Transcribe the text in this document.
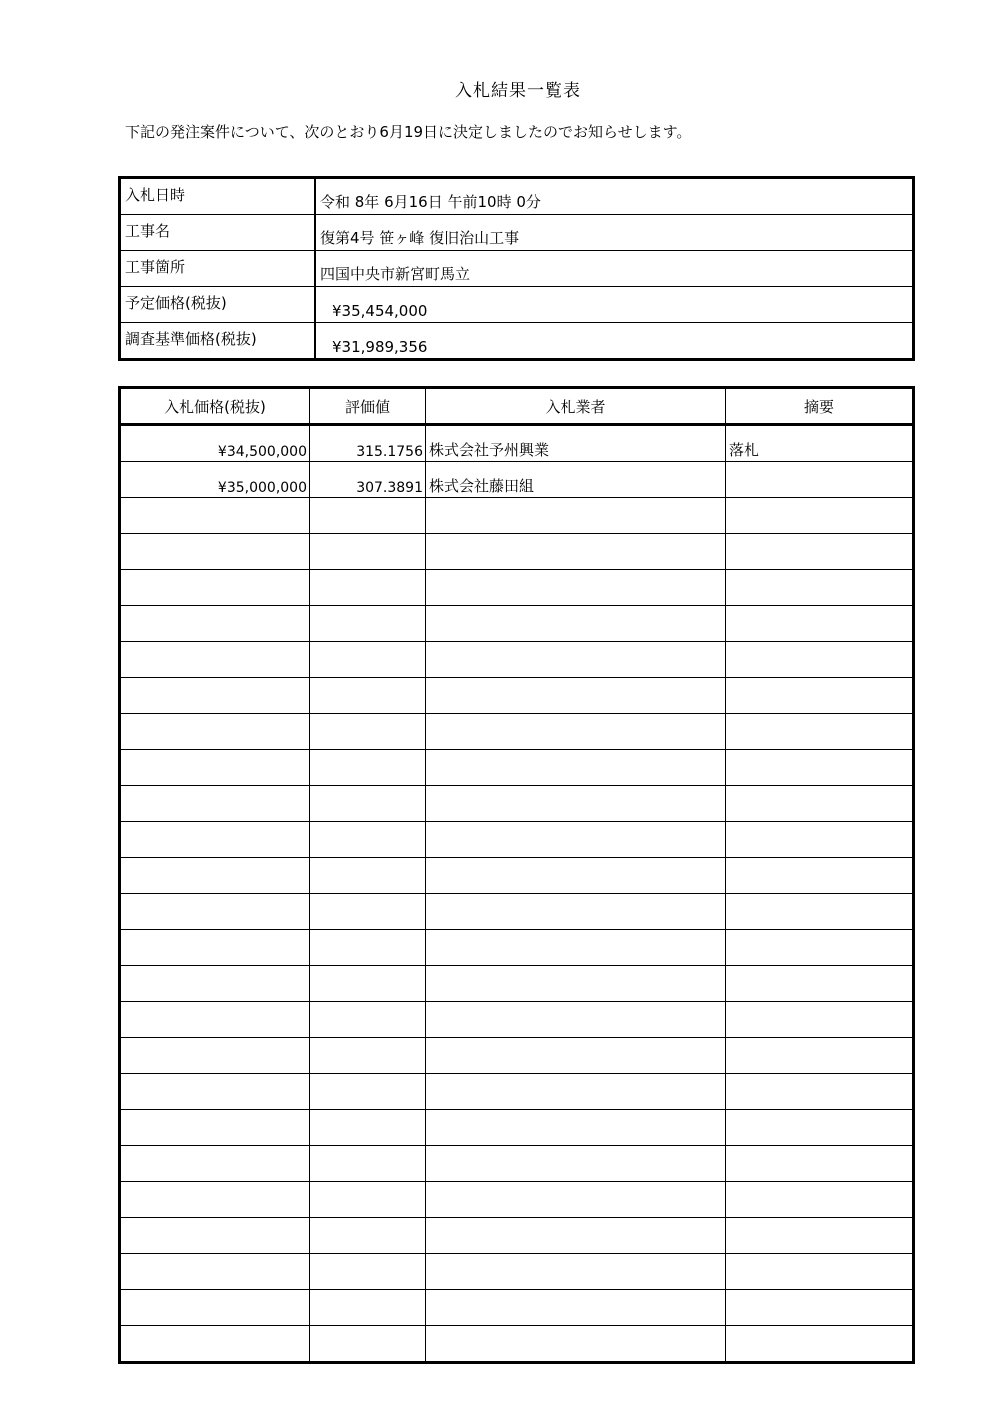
入札結果一覧表
下記の発注案件について、次のとおり6月19日に決定しましたのでお知らせします。
入札日時	令和 8年 6月16日 午前10時 0分
工事名	復第4号 笹ヶ峰 復旧治山工事
工事箇所	四国中央市新宮町馬立
予定価格(税抜)	¥35,454,000
調査基準価格(税抜)	¥31,989,356
入札価格(税抜)	評価値	入札業者	摘要
¥34,500,000	315.1756	株式会社予州興業	落札
¥35,000,000	307.3891	株式会社藤田組	
